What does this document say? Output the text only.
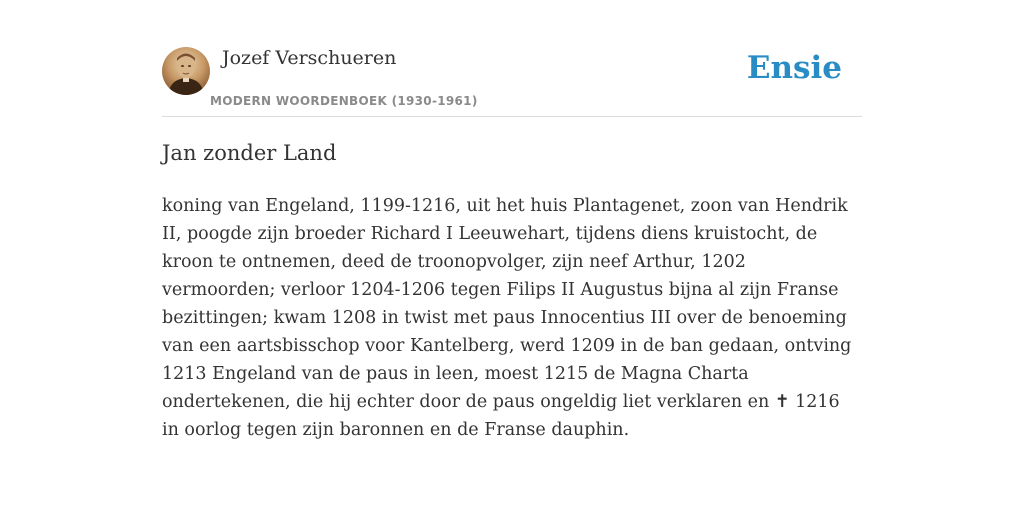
Jozef Verschueren
MODERN WOORDENBOEK (1930-1961)
Ensie
Jan zonder Land

koning van Engeland, 1199-1216, uit het huis Plantagenet, zoon van Hendrik II, poogde zijn broeder Richard I Leeuwehart, tijdens diens kruistocht, de kroon te ontnemen, deed de troonopvolger, zijn neef Arthur, 1202 vermoorden; verloor 1204-1206 tegen Filips II Augustus bijna al zijn Franse bezittingen; kwam 1208 in twist met paus Innocentius III over de benoeming van een aartsbisschop voor Kantelberg, werd 1209 in de ban gedaan, ontving 1213 Engeland van de paus in leen, moest 1215 de Magna Charta ondertekenen, die hij echter door de paus ongeldig liet verklaren en ✝ 1216 in oorlog tegen zijn baronnen en de Franse dauphin.
